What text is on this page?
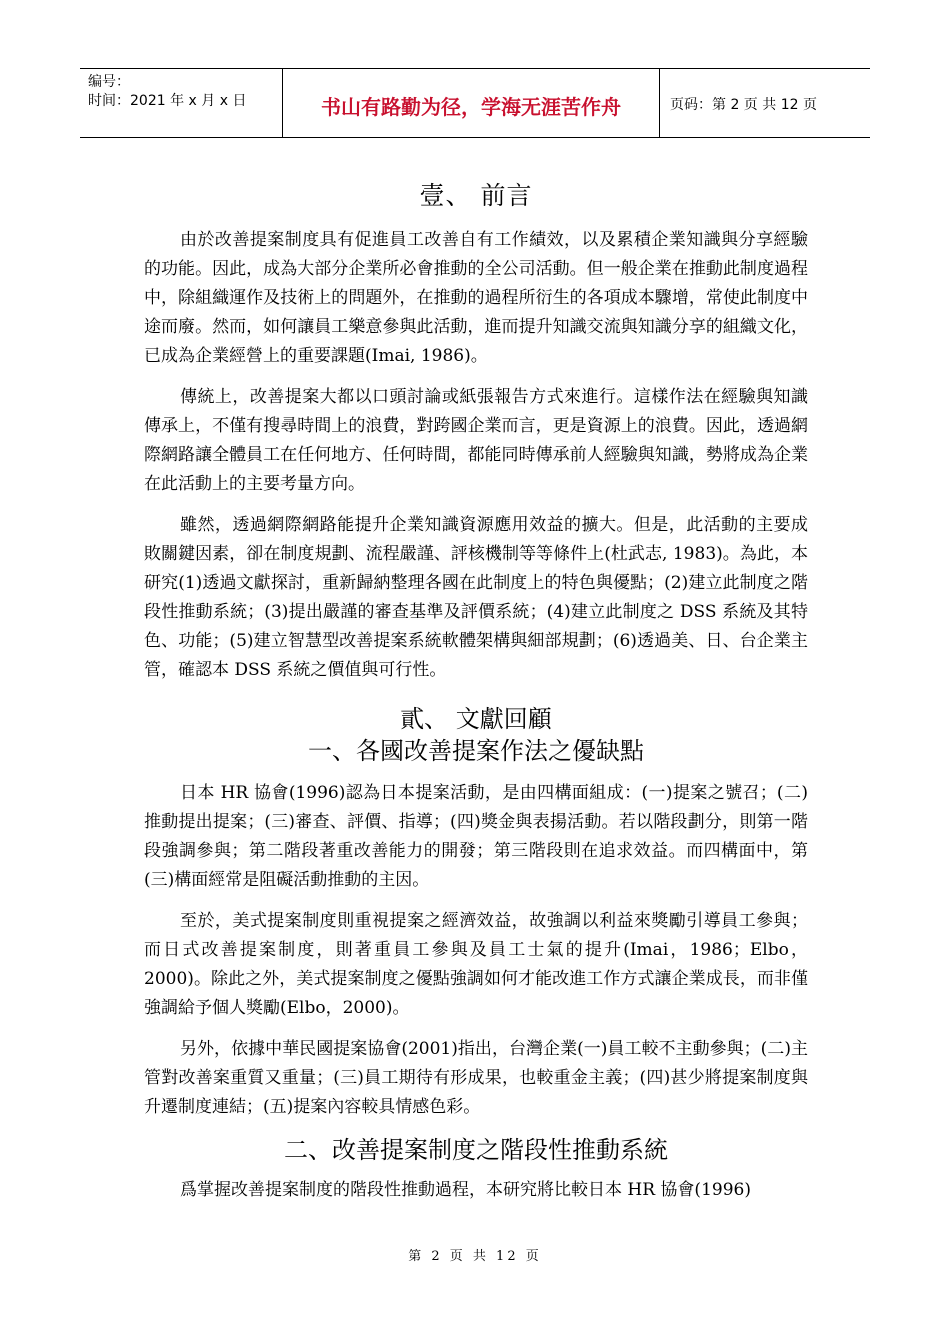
编号：
时间：2021 年 x 月 x 日	书山有路勤为径，学海无涯苦作舟	页码：第 2 页 共 12 页
壹、 前言

由於改善提案制度具有促進員工改善自有工作績效，以及累積企業知識與分享經驗的功能。因此，成為大部分企業所必會推動的全公司活動。但一般企業在推動此制度過程中，除組織運作及技術上的問題外，在推動的過程所衍生的各項成本驟增，常使此制度中途而廢。然而，如何讓員工樂意參與此活動，進而提升知識交流與知識分享的組織文化，已成為企業經營上的重要課題(Imai, 1986)。

傳統上，改善提案大都以口頭討論或紙張報告方式來進行。這樣作法在經驗與知識傳承上，不僅有搜尋時間上的浪費，對跨國企業而言，更是資源上的浪費。因此，透過網際網路讓全體員工在任何地方、任何時間，都能同時傳承前人經驗與知識，勢將成為企業在此活動上的主要考量方向。

雖然，透過網際網路能提升企業知識資源應用效益的擴大。但是，此活動的主要成敗關鍵因素，卻在制度規劃、流程嚴謹、評核機制等等條件上(杜武志, 1983)。為此，本研究(1)透過文獻探討，重新歸納整理各國在此制度上的特色與優點；(2)建立此制度之階段性推動系統；(3)提出嚴謹的審查基準及評價系統；(4)建立此制度之 DSS 系統及其特色、功能；(5)建立智慧型改善提案系統軟體架構與細部規劃；(6)透過美、日、台企業主管，確認本 DSS 系統之價值與可行性。

貳、 文獻回顧
一、各國改善提案作法之優缺點

日本 HR 協會(1996)認為日本提案活動，是由四構面組成：(一)提案之號召；(二)推動提出提案；(三)審查、評價、指導；(四)獎金與表揚活動。若以階段劃分，則第一階段強調參與；第二階段著重改善能力的開發；第三階段則在追求效益。而四構面中，第(三)構面經常是阻礙活動推動的主因。

至於，美式提案制度則重視提案之經濟效益，故強調以利益來獎勵引導員工參與；而日式改善提案制度，則著重員工參與及員工士氣的提升(Imai，1986；Elbo，2000)。除此之外，美式提案制度之優點強調如何才能改進工作方式讓企業成長，而非僅強調給予個人獎勵(Elbo，2000)。

另外，依據中華民國提案協會(2001)指出，台灣企業(一)員工較不主動參與；(二)主管對改善案重質又重量；(三)員工期待有形成果，也較重金主義；(四)甚少將提案制度與升遷制度連結；(五)提案內容較具情感色彩。

二、改善提案制度之階段性推動系統

爲掌握改善提案制度的階段性推動過程，本研究將比較日本 HR 協會(1996)

第 2 页 共 12 页
